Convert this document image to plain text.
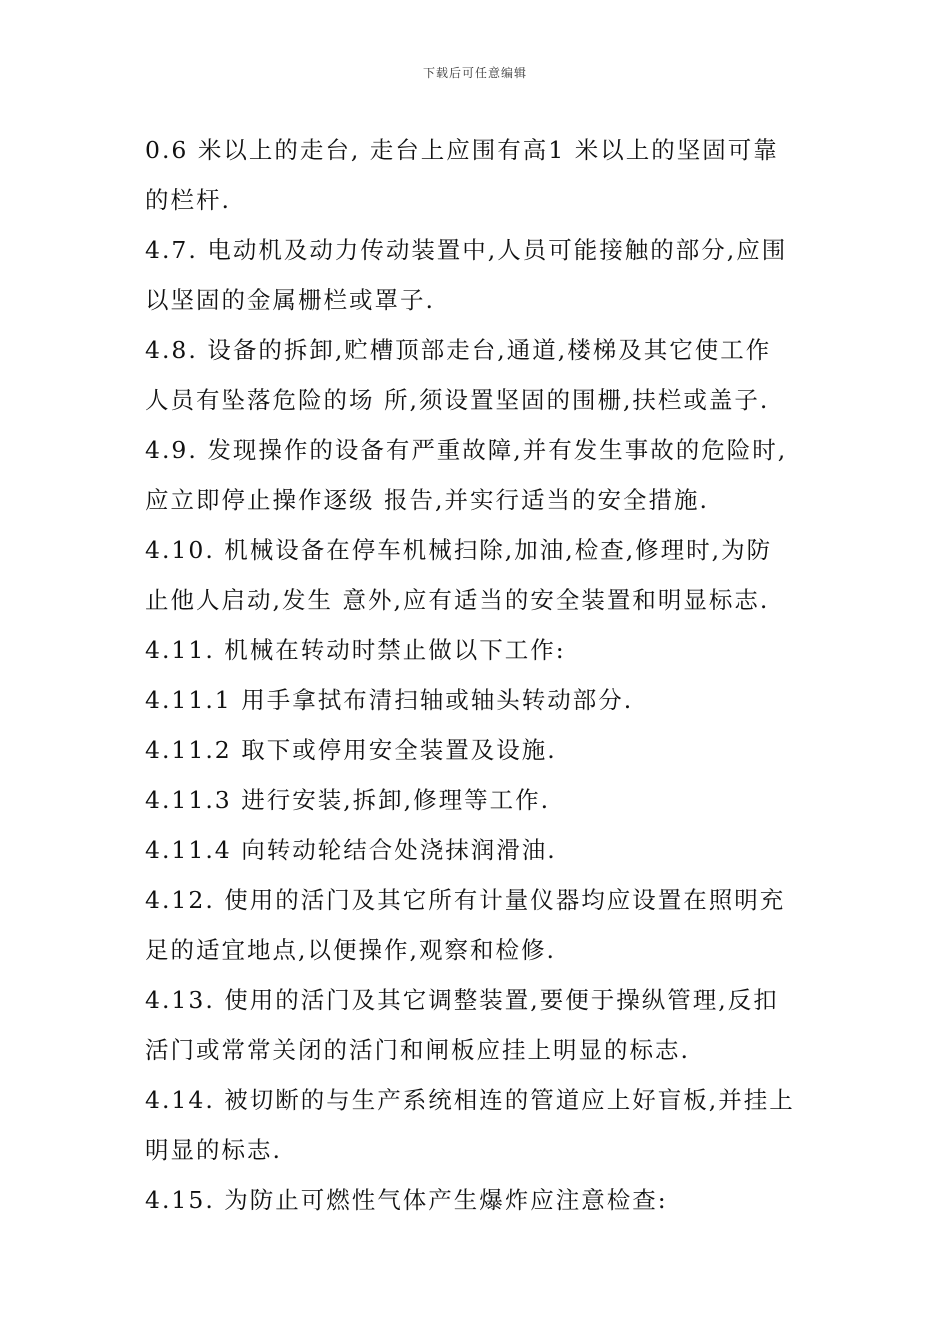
下载后可任意编辑
0.6 米以上的走台, 走台上应围有高1 米以上的坚固可靠
的栏杆.
4.7. 电动机及动力传动装置中,人员可能接触的部分,应围
以坚固的金属栅栏或罩子.
4.8. 设备的拆卸,贮槽顶部走台,通道,楼梯及其它使工作
人员有坠落危险的场 所,须设置坚固的围栅,扶栏或盖子.
4.9. 发现操作的设备有严重故障,并有发生事故的危险时,
应立即停止操作逐级 报告,并实行适当的安全措施.
4.10. 机械设备在停车机械扫除,加油,检查,修理时,为防
止他人启动,发生 意外,应有适当的安全装置和明显标志.
4.11. 机械在转动时禁止做以下工作:
4.11.1 用手拿拭布清扫轴或轴头转动部分.
4.11.2 取下或停用安全装置及设施.
4.11.3 进行安装,拆卸,修理等工作.
4.11.4 向转动轮结合处浇抹润滑油.
4.12. 使用的活门及其它所有计量仪器均应设置在照明充
足的适宜地点,以便操作,观察和检修.
4.13. 使用的活门及其它调整装置,要便于操纵管理,反扣
活门或常常关闭的活门和闸板应挂上明显的标志.
4.14. 被切断的与生产系统相连的管道应上好盲板,并挂上
明显的标志.
4.15. 为防止可燃性气体产生爆炸应注意检查:
